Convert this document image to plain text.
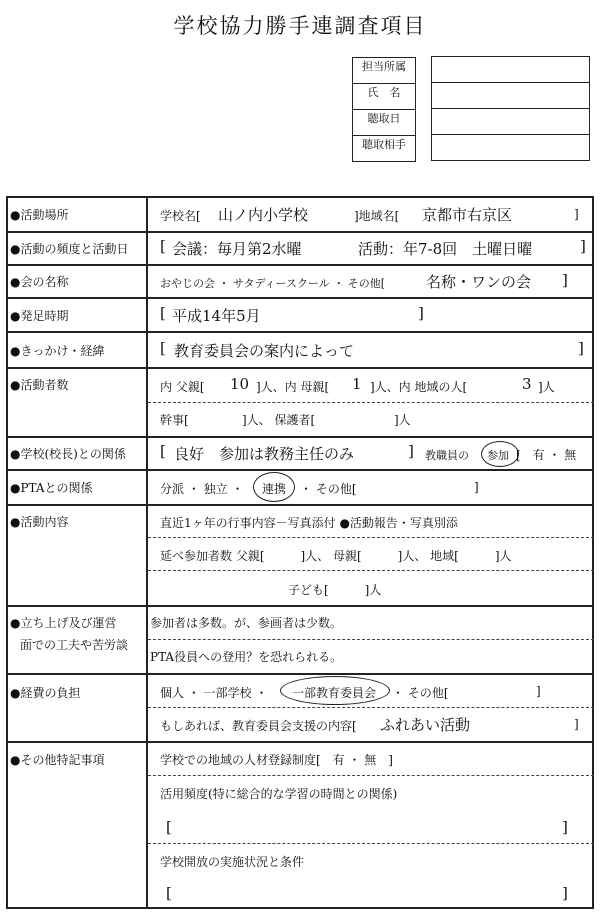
学校協力勝手連調査項目
担当所属

氏　名

聴取日

聴取相手
●活動場所	学校名[ 山ノ内小学校	]地域名[ 京都市右京区	]
●活動の頻度と活動日 [ 会議：毎月第2水曜	活動：年7-8回　土曜日曜	]
●会の名称	おやじの会 ・ サタディースクール ・ その他[	名称・ワンの会 ]
●発足時期	[ 平成14年5月	]
●きっかけ・経緯	[ 教育委員会の案内によって	]
●活動者数	内 父親[ 10 ]人、内 母親[ 1 ]人、内 地域の人[	3 ]人
幹事[	]人、 保護者[	]人
●学校(校長)との関係 [ 良好　参加は教務主任のみ	] 教職員の 参加 [　有 ・ 無
●PTAとの関係	分派 ・ 独立 ・ 連携 ・ その他[	]
●活動内容	直近1ヶ年の行事内容－写真添付 ●活動報告・写真別添
延べ参加者数 父親[　　　]人、 母親[　　　]人、 地域[　　　]人
子ども[　　　]人
●立ち上げ及び運営
面での工夫や苦労談
参加者は多数。が、参画者は少数。
PTA役員への登用？を恐れられる。
●経費の負担	個人 ・ 一部学校 ・ 一部教育委員会 ・ その他[	]
もしあれば、教育委員会支援の内容[ ふれあい活動	]
●その他特記事項	学校での地域の人材登録制度[　有 ・ 無　]
活用頻度(特に総合的な学習の時間との関係)
[	]
学校開放の実施状況と条件
[	]
